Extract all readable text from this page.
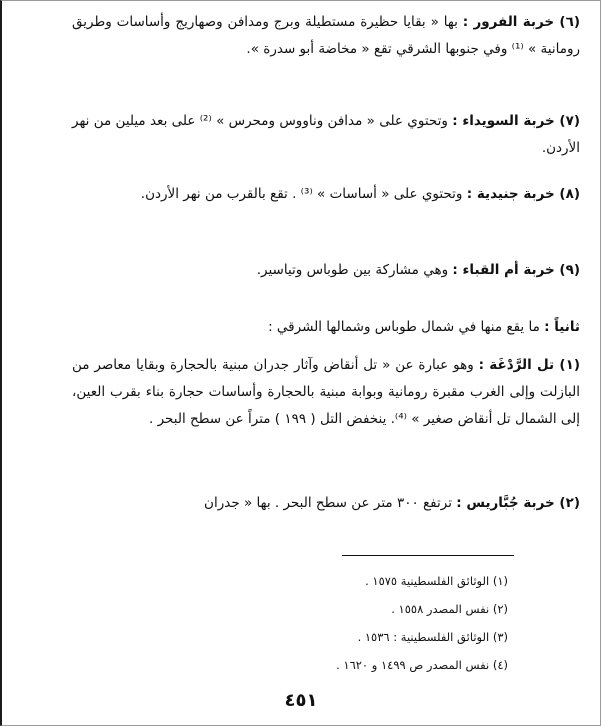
(٦) خربة الفرور : بها « بقايا حظيرة مستطيلة وبرج ومدافن وصهاريج وأساسات وطريق رومانية » ⁽¹⁾ وفي جنوبها الشرقي تقع « مخاضة أبو سدرة ».
(٧) خربة السويداء : وتحتوي على « مدافن وناووس ومحرس » ⁽²⁾ على بعد ميلين من نهر الأردن.
(٨) خربة جنيدية : وتحتوي على « أساسات » ⁽³⁾ . تقع بالقرب من نهر الأردن.
(٩) خربة أم القباء : وهي مشاركة بين طوباس وتياسير.
ثانياً : ما يقع منها في شمال طوباس وشمالها الشرقي :
(١) تل الرَّدْغَة : وهو عبارة عن « تل أنقاض وآثار جدران مبنية بالحجارة وبقايا معاصر من البازلت وإلى الغرب مقبرة رومانية وبوابة مبنية بالحجارة وأساسات حجارة بناء بقرب العين، إلى الشمال تل أنقاض صغير » ⁽⁴⁾. ينخفض التل ( ١٩٩ ) متراً عن سطح البحر .
(٢) خربة جُبَّاريس : ترتفع ٣٠٠ متر عن سطح البحر . بها « جدران
(١) الوثائق الفلسطينية ١٥٧٥ .
(٢) نفس المصدر ١٥٥٨ .
(٣) الوثائق الفلسطينية : ١٥٣٦ .
(٤) نفس المصدر ص ١٤٩٩ و ١٦٢٠ .
٤٥١
